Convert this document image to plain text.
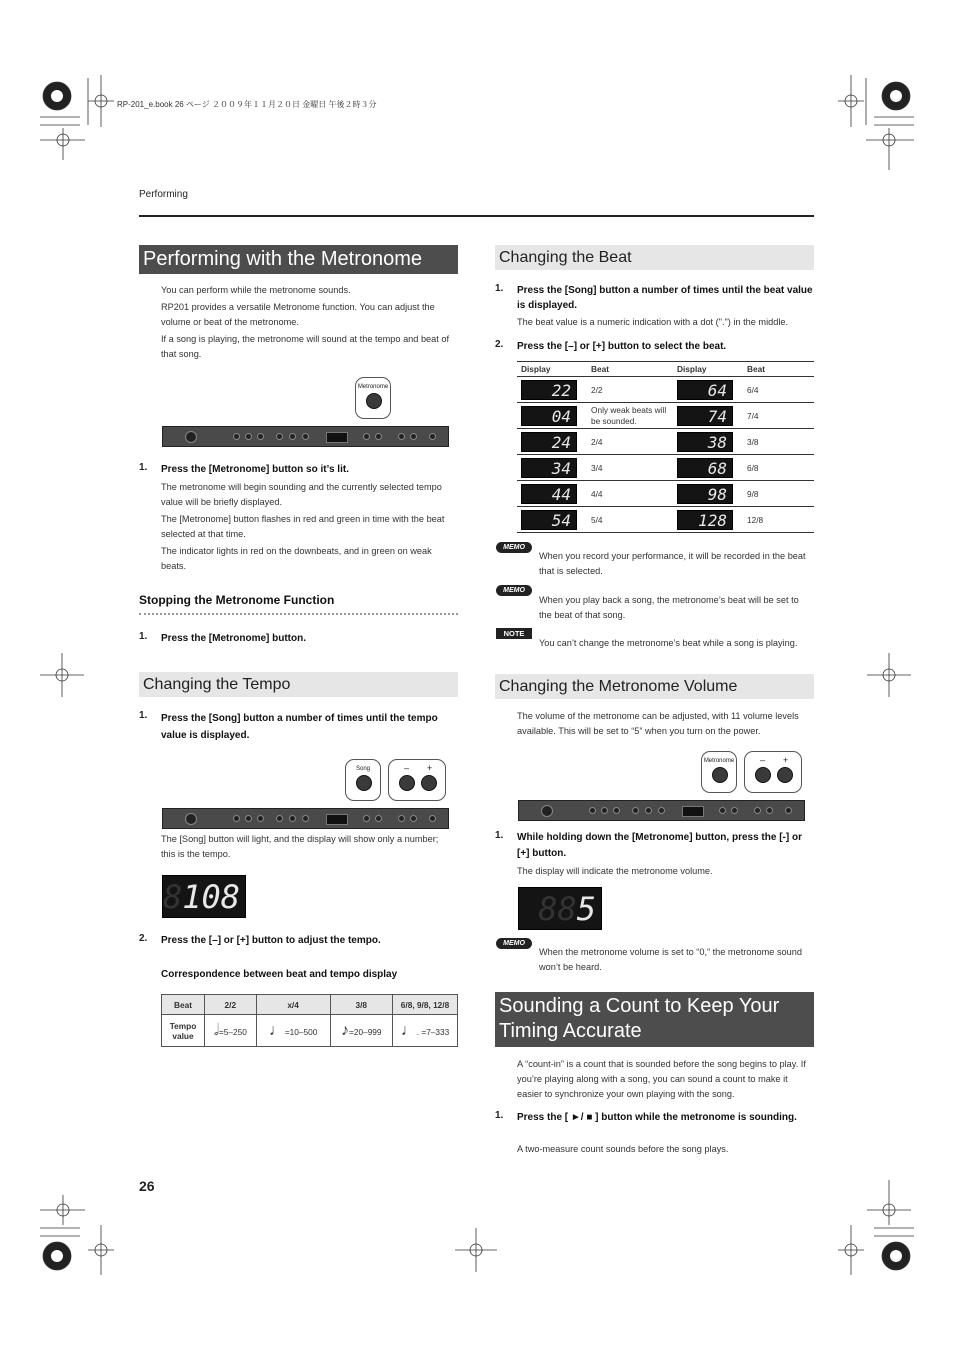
RP-201_e.book 26 ページ ２００９年１１月２０日 金曜日 午後２時３分
Performing
Performing with the Metronome
You can perform while the metronome sounds.
RP201 provides a versatile Metronome function. You can adjust the volume or beat of the metronome.
If a song is playing, the metronome will sound at the tempo and beat of that song.
Metronome
1. Press the [Metronome] button so it’s lit.
The metronome will begin sounding and the currently selected tempo value will be briefly displayed.
The [Metronome] button flashes in red and green in time with the beat selected at that time.
The indicator lights in red on the downbeats, and in green on weak beats.
Stopping the Metronome Function
1. Press the [Metronome] button.
Changing the Tempo
1. Press the [Song] button a number of times until the tempo value is displayed.
Song	– +
The [Song] button will light, and the display will show only a number; this is the tempo.
8108
2. Press the [–] or [+] button to adjust the tempo.
Correspondence between beat and tempo display
Beat	2/2	x/4	3/8	6/8, 9/8, 12/8
Tempo value	𝅗𝅥=5–250	♩=10–500	♪=20–999	♩. =7–333
26
Changing the Beat
1. Press the [Song] button a number of times until the beat value is displayed.
The beat value is a numeric indication with a dot (".") in the middle.
2. Press the [–] or [+] button to select the beat.
Display	Beat	Display	Beat

22	2/2	64	6/4

04	Only weak beats will be sounded.	74	7/4

24	2/4	38	3/8

34	3/4	68	6/8

44	4/4	98	9/8

54	5/4	128	12/8
MEMO
When you record your performance, it will be recorded in the beat that is selected.
MEMO
When you play back a song, the metronome’s beat will be set to the beat of that song.
NOTE
You can’t change the metronome’s beat while a song is playing.
Changing the Metronome Volume
The volume of the metronome can be adjusted, with 11 volume levels available. This will be set to “5” when you turn on the power.
Metronome	– +
1. While holding down the [Metronome] button, press the [-] or [+] button.
The display will indicate the metronome volume.
885
MEMO
When the metronome volume is set to “0,” the metronome sound won’t be heard.
Sounding a Count to Keep Your Timing Accurate
A “count-in” is a count that is sounded before the song begins to play. If you’re playing along with a song, you can sound a count to make it easier to synchronize your own playing with the song.
1. Press the [ ►/ ■ ] button while the metronome is sounding.
A two-measure count sounds before the song plays.
